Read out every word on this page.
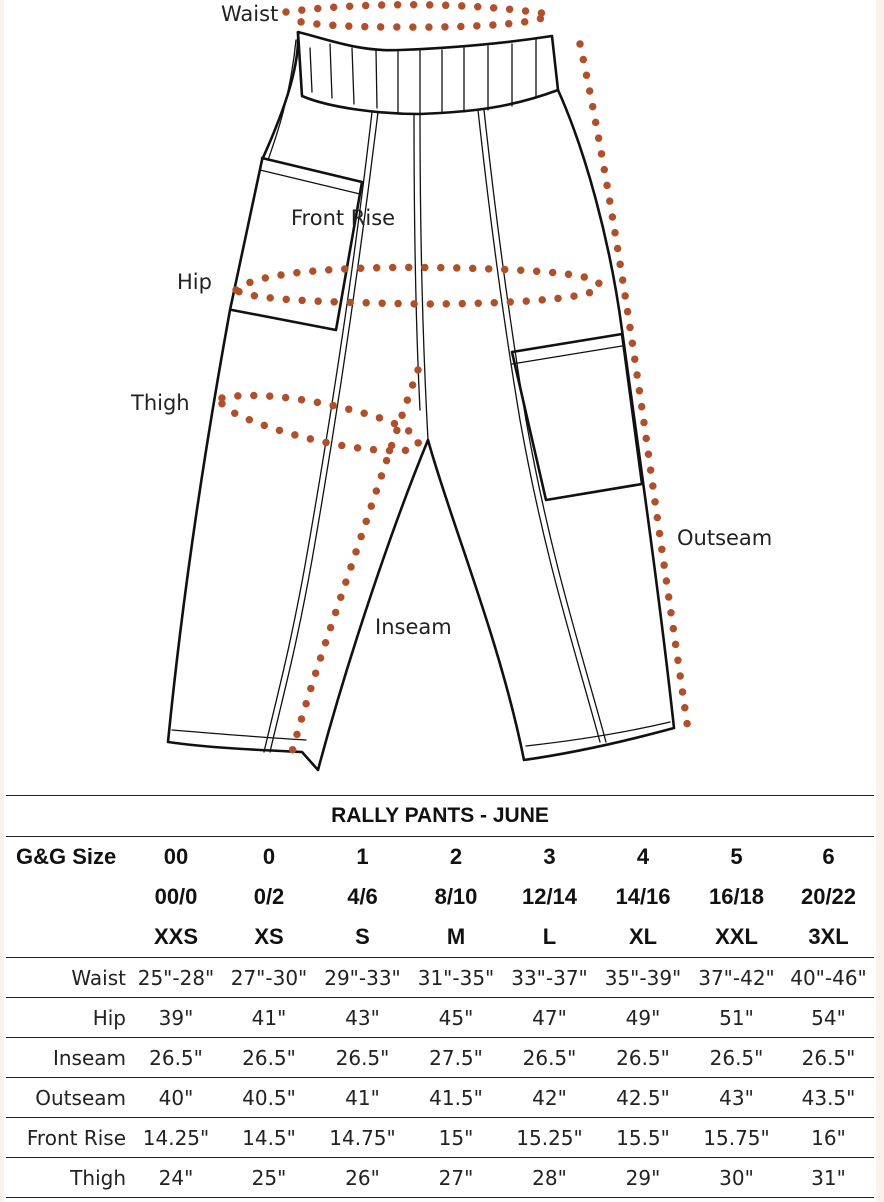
Waist
Front Rise
Hip
Thigh
Outseam
Inseam
RALLY PANTS - JUNE								
G&G Size	00	0	1	2	3	4	5	6
	00/0	0/2	4/6	8/10	12/14	14/16	16/18	20/22
	XXS	XS	S	M	L	XL	XXL	3XL
Waist	25"-28"	27"-30"	29"-33"	31"-35"	33"-37"	35"-39"	37"-42"	40"-46"
Hip	39"	41"	43"	45"	47"	49"	51"	54"
Inseam	26.5"	26.5"	26.5"	27.5"	26.5"	26.5"	26.5"	26.5"
Outseam	40"	40.5"	41"	41.5"	42"	42.5"	43"	43.5"
Front Rise	14.25"	14.5"	14.75"	15"	15.25"	15.5"	15.75"	16"
Thigh	24"	25"	26"	27"	28"	29"	30"	31"
